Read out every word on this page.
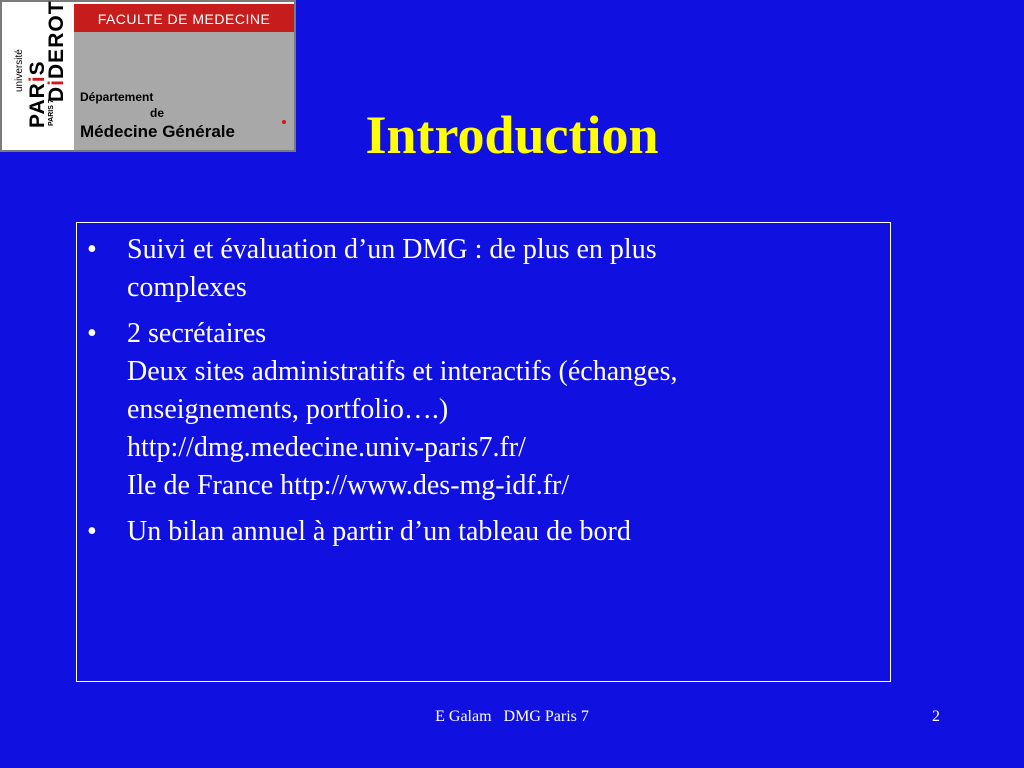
université
PARiS
DiDEROT
PARIS 7
FACULTE DE MEDECINE
Département
de
Médecine Générale	Introduction
• Suivi et évaluation d’un DMG : de plus en plus
complexes
• 2 secrétaires
Deux sites administratifs et interactifs (échanges,
enseignements, portfolio….)
http://dmg.medecine.univ-paris7.fr/
Ile de France http://www.des-mg-idf.fr/
• Un bilan annuel à partir d’un tableau de bord
E Galam   DMG Paris 7	2
